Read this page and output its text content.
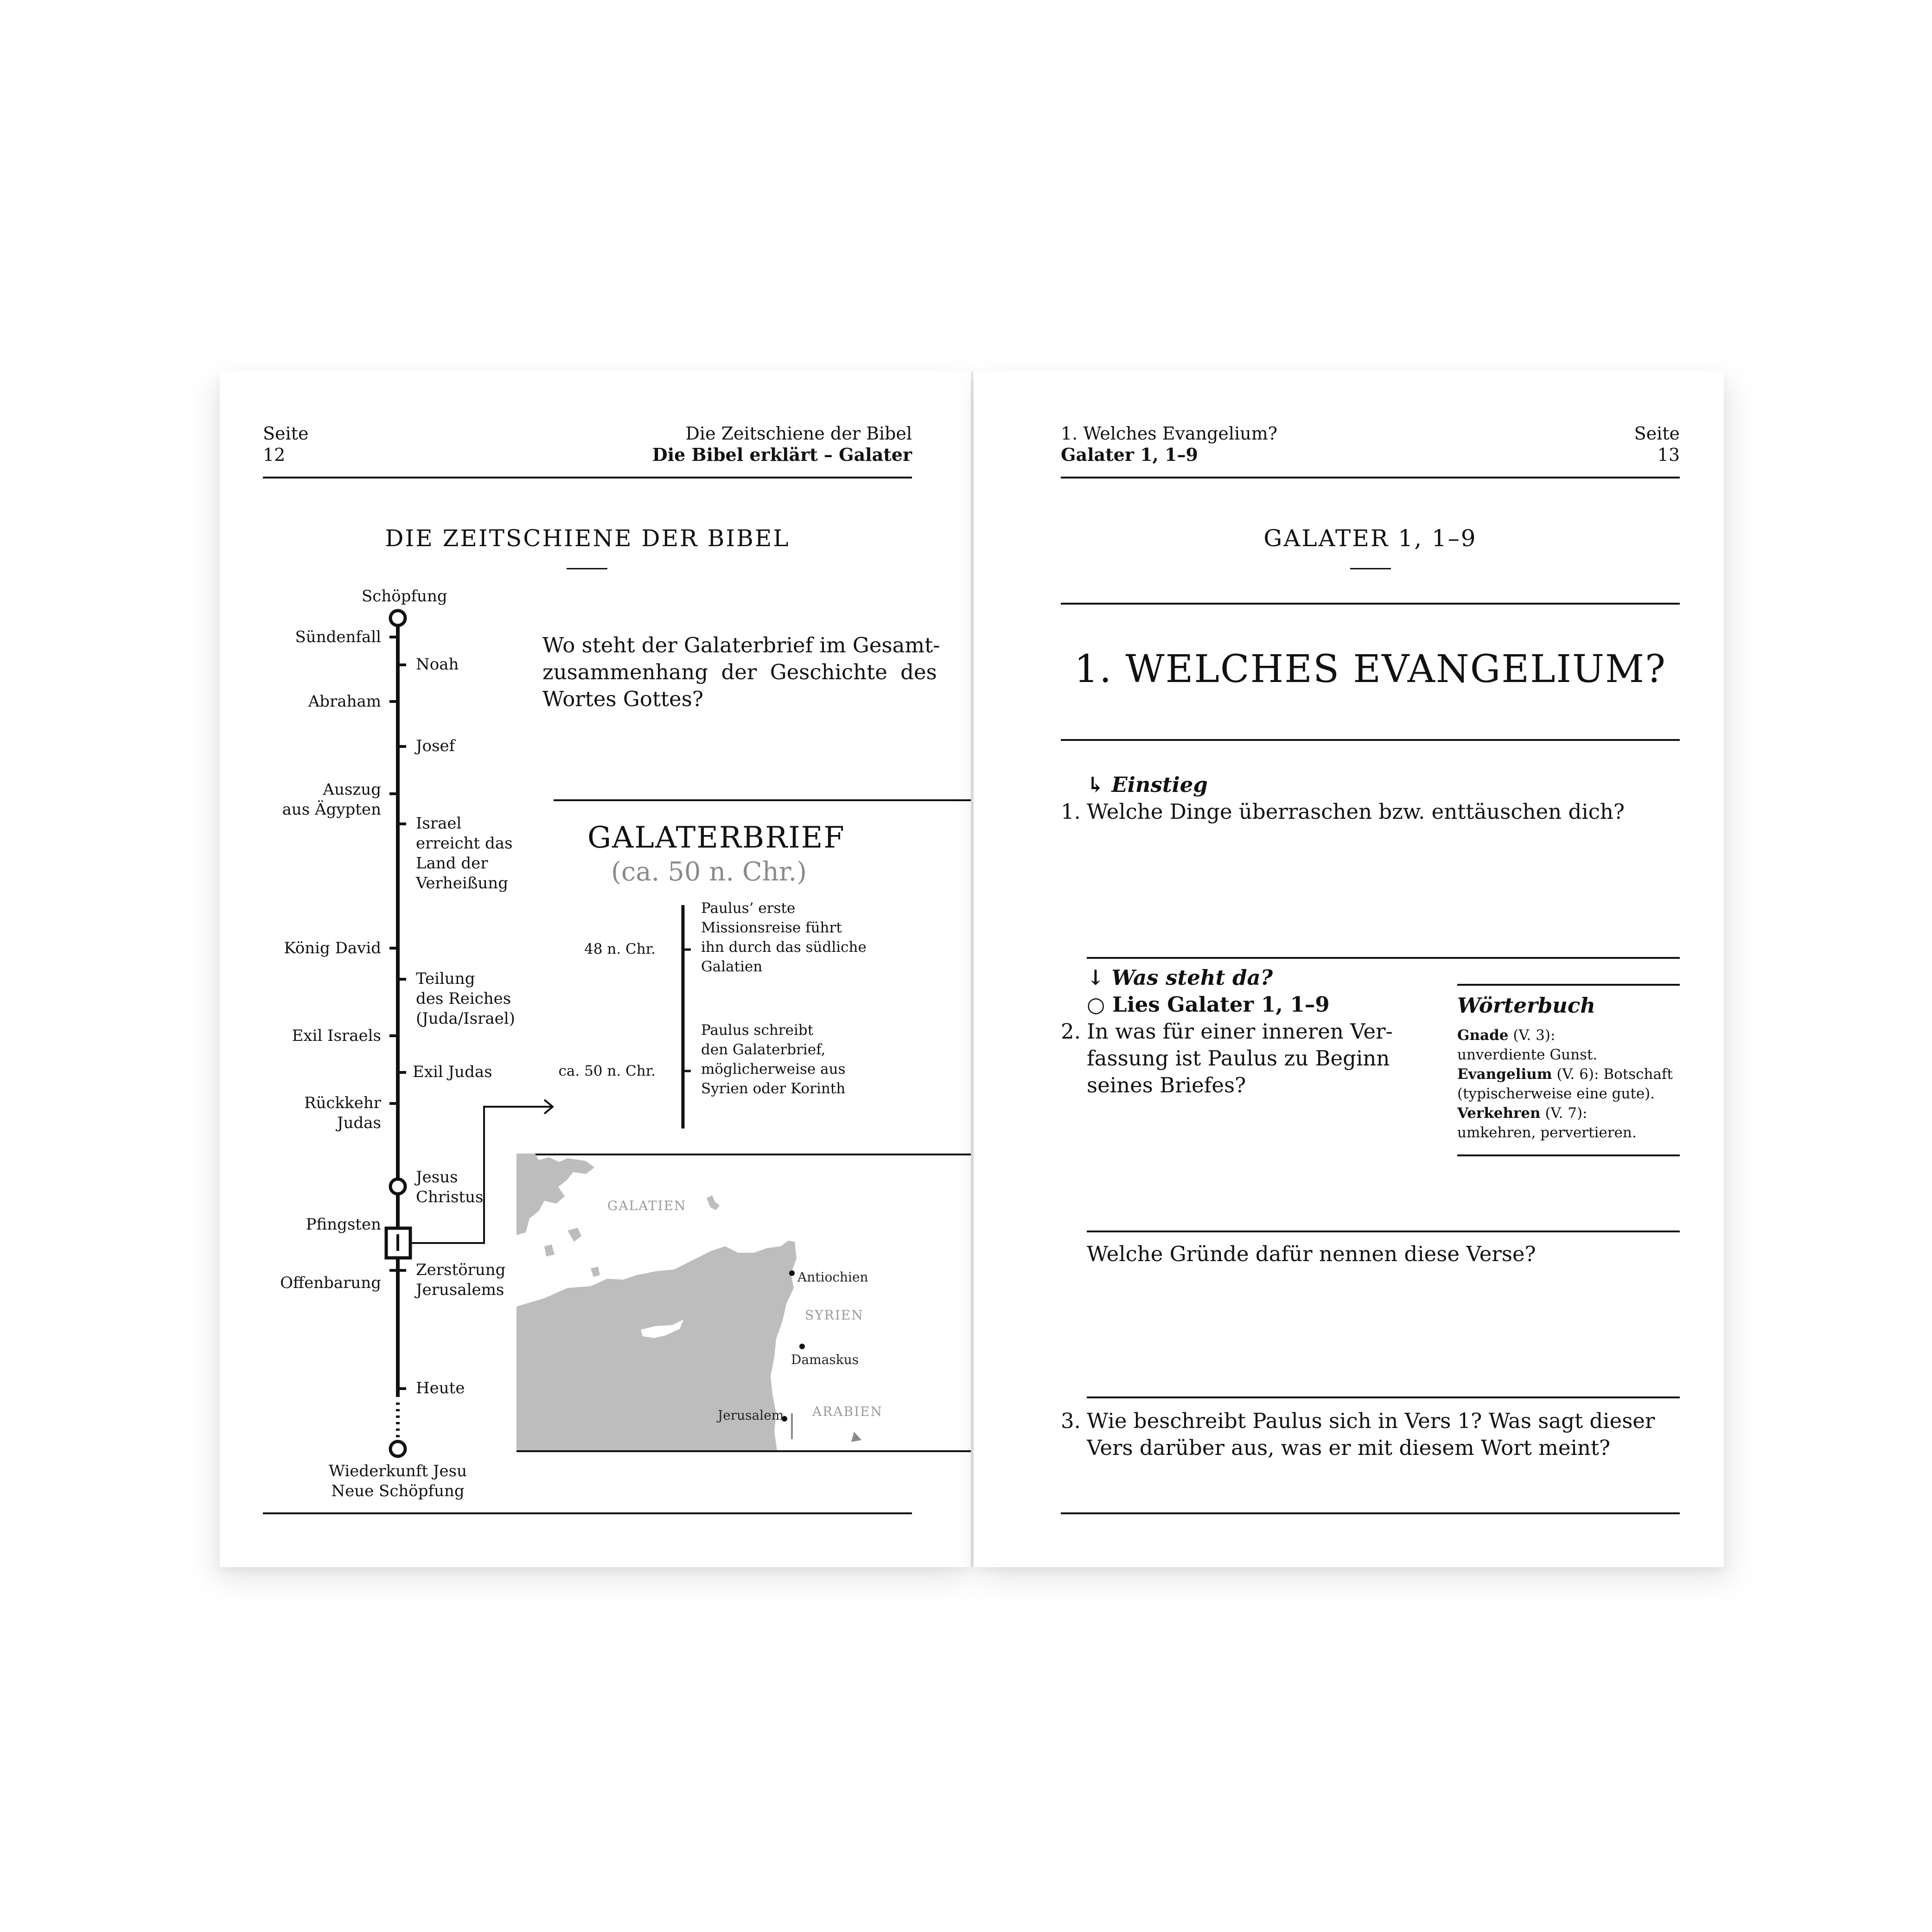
Seite
12
Die Zeitschiene der Bibel
Die Bibel erklärt – Galater
DIE ZEITSCHIENE DER BIBEL
Schöpfung
Sündenfall
Abraham
Auszug
aus Ägypten
König David
Exil Israels
Rückkehr
Judas
Pfingsten
Offenbarung
Noah
Josef
Israel
erreicht das
Land der
Verheißung
Teilung
des Reiches
(Juda/Israel)
Exil Judas
Jesus
Christus
Zerstörung
Jerusalems
Heute
Wiederkunft Jesu
Neue Schöpfung
Wo steht der Galaterbrief im Gesamt-
zusammenhang der Geschichte des
Wortes Gottes?
GALATERBRIEF
(ca. 50 n. Chr.)
48 n. Chr.
Paulus’ erste
Missionsreise führt
ihn durch das südliche
Galatien
ca. 50 n. Chr.
Paulus schreibt
den Galaterbrief,
möglicherweise aus
Syrien oder Korinth
GALATIEN
SYRIEN
ARABIEN
Antiochien
Damaskus
Jerusalem
1. Welches Evangelium?
Galater 1, 1–9
Seite
13
GALATER 1, 1–9
1. WELCHES EVANGELIUM?
↳ Einstieg
1. Welche Dinge überraschen bzw. enttäuschen dich?
↓ Was steht da?
○ Lies Galater 1, 1–9
2. In was für einer inneren Ver-
fassung ist Paulus zu Beginn
seines Briefes?
Wörterbuch
Gnade (V. 3):
unverdiente Gunst.
Evangelium (V. 6): Botschaft
(typischerweise eine gute).
Verkehren (V. 7):
umkehren, pervertieren.
Welche Gründe dafür nennen diese Verse?
3. Wie beschreibt Paulus sich in Vers 1? Was sagt dieser
Vers darüber aus, was er mit diesem Wort meint?
